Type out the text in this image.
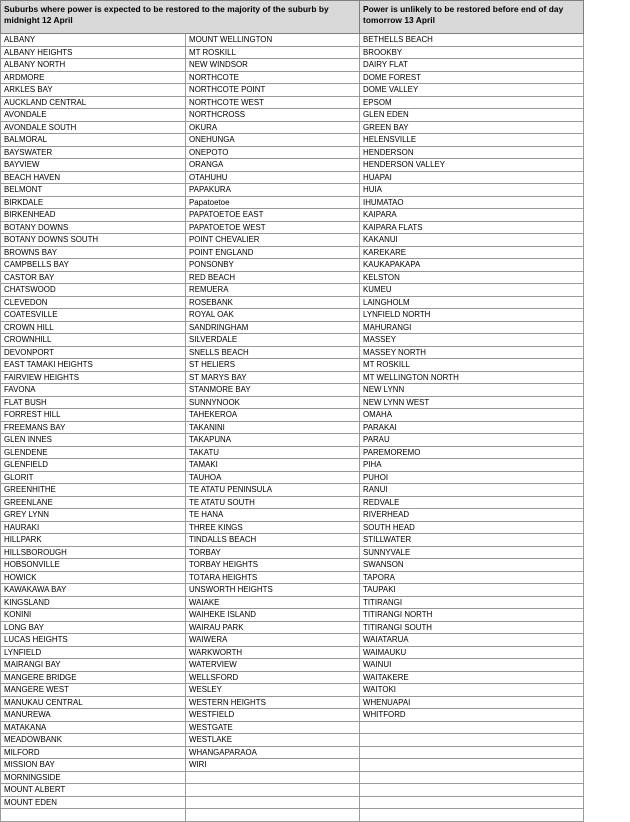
Suburbs where power is expected to be restored to the majority of the suburb by midnight 12 April		Power is unlikely to be restored before end of day tomorrow 13 April
ALBANY	MOUNT WELLINGTON	BETHELLS BEACH
ALBANY HEIGHTS	MT ROSKILL	BROOKBY
ALBANY NORTH	NEW WINDSOR	DAIRY FLAT
ARDMORE	NORTHCOTE	DOME FOREST
ARKLES BAY	NORTHCOTE POINT	DOME VALLEY
AUCKLAND CENTRAL	NORTHCOTE WEST	EPSOM
AVONDALE	NORTHCROSS	GLEN EDEN
AVONDALE SOUTH	OKURA	GREEN BAY
BALMORAL	ONEHUNGA	HELENSVILLE
BAYSWATER	ONEPOTO	HENDERSON
BAYVIEW	ORANGA	HENDERSON VALLEY
BEACH HAVEN	OTAHUHU	HUAPAI
BELMONT	PAPAKURA	HUIA
BIRKDALE	Papatoetoe	IHUMATAO
BIRKENHEAD	PAPATOETOE EAST	KAIPARA
BOTANY DOWNS	PAPATOETOE WEST	KAIPARA FLATS
BOTANY DOWNS SOUTH	POINT CHEVALIER	KAKANUI
BROWNS BAY	POINT ENGLAND	KAREKARE
CAMPBELLS BAY	PONSONBY	KAUKAPAKAPA
CASTOR BAY	RED BEACH	KELSTON
CHATSWOOD	REMUERA	KUMEU
CLEVEDON	ROSEBANK	LAINGHOLM
COATESVILLE	ROYAL OAK	LYNFIELD NORTH
CROWN HILL	SANDRINGHAM	MAHURANGI
CROWNHILL	SILVERDALE	MASSEY
DEVONPORT	SNELLS BEACH	MASSEY NORTH
EAST TAMAKI HEIGHTS	ST HELIERS	MT ROSKILL
FAIRVIEW HEIGHTS	ST MARYS BAY	MT WELLINGTON NORTH
FAVONA	STANMORE BAY	NEW LYNN
FLAT BUSH	SUNNYNOOK	NEW LYNN WEST
FORREST HILL	TAHEKEROA	OMAHA
FREEMANS BAY	TAKANINI	PARAKAI
GLEN INNES	TAKAPUNA	PARAU
GLENDENE	TAKATU	PAREMOREMO
GLENFIELD	TAMAKI	PIHA
GLORIT	TAUHOA	PUHOI
GREENHITHE	TE ATATU PENINSULA	RANUI
GREENLANE	TE ATATU SOUTH	REDVALE
GREY LYNN	TE HANA	RIVERHEAD
HAURAKI	THREE KINGS	SOUTH HEAD
HILLPARK	TINDALLS BEACH	STILLWATER
HILLSBOROUGH	TORBAY	SUNNYVALE
HOBSONVILLE	TORBAY HEIGHTS	SWANSON
HOWICK	TOTARA HEIGHTS	TAPORA
KAWAKAWA BAY	UNSWORTH HEIGHTS	TAUPAKI
KINGSLAND	WAIAKE	TITIRANGI
KONINI	WAIHEKE ISLAND	TITIRANGI NORTH
LONG BAY	WAIRAU PARK	TITIRANGI SOUTH
LUCAS HEIGHTS	WAIWERA	WAIATARUA
LYNFIELD	WARKWORTH	WAIMAUKU
MAIRANGI BAY	WATERVIEW	WAINUI
MANGERE BRIDGE	WELLSFORD	WAITAKERE
MANGERE WEST	WESLEY	WAITOKI
MANUKAU CENTRAL	WESTERN HEIGHTS	WHENUAPAI
MANUREWA	WESTFIELD	WHITFORD
MATAKANA	WESTGATE	
MEADOWBANK	WESTLAKE	
MILFORD	WHANGAPARAOA	
MISSION BAY	WIRI	
MORNINGSIDE		
MOUNT ALBERT		
MOUNT EDEN		
